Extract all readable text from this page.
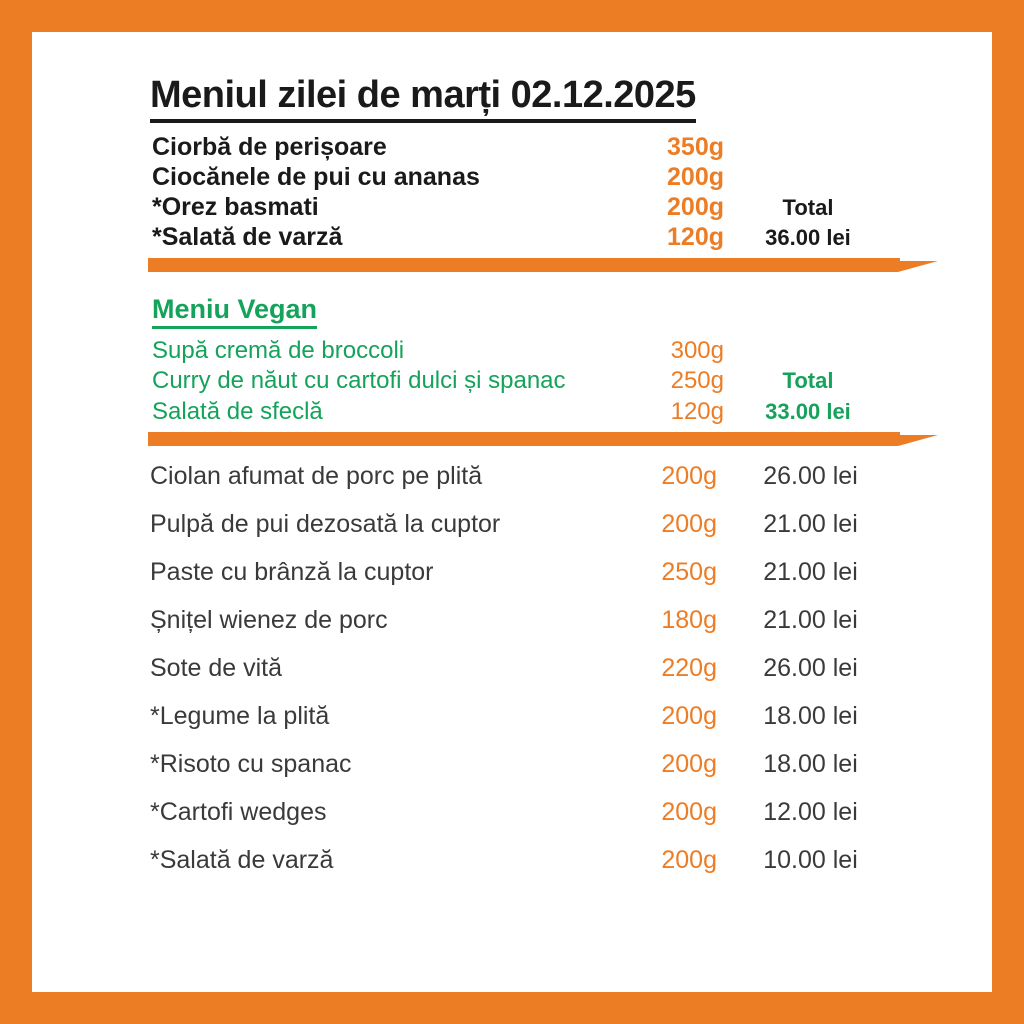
Meniul zilei de marți 02.12.2025
Ciorbă de perișoare	350g
Ciocănele de pui cu ananas	200g
*Orez basmati	200g	Total
*Salată de varză	120g	36.00 lei
Meniu Vegan
Supă cremă de broccoli	300g
Curry de năut cu cartofi dulci și spanac	250g	Total
Salată de sfeclă	120g	33.00 lei
Ciolan afumat de porc pe plită	200g	26.00 lei
Pulpă de pui dezosată la cuptor	200g	21.00 lei
Paste cu brânză la cuptor	250g	21.00 lei
Șnițel wienez de porc	180g	21.00 lei
Sote de vită	220g	26.00 lei
*Legume la plită	200g	18.00 lei
*Risoto cu spanac	200g	18.00 lei
*Cartofi wedges	200g	12.00 lei
*Salată de varză	200g	10.00 lei
